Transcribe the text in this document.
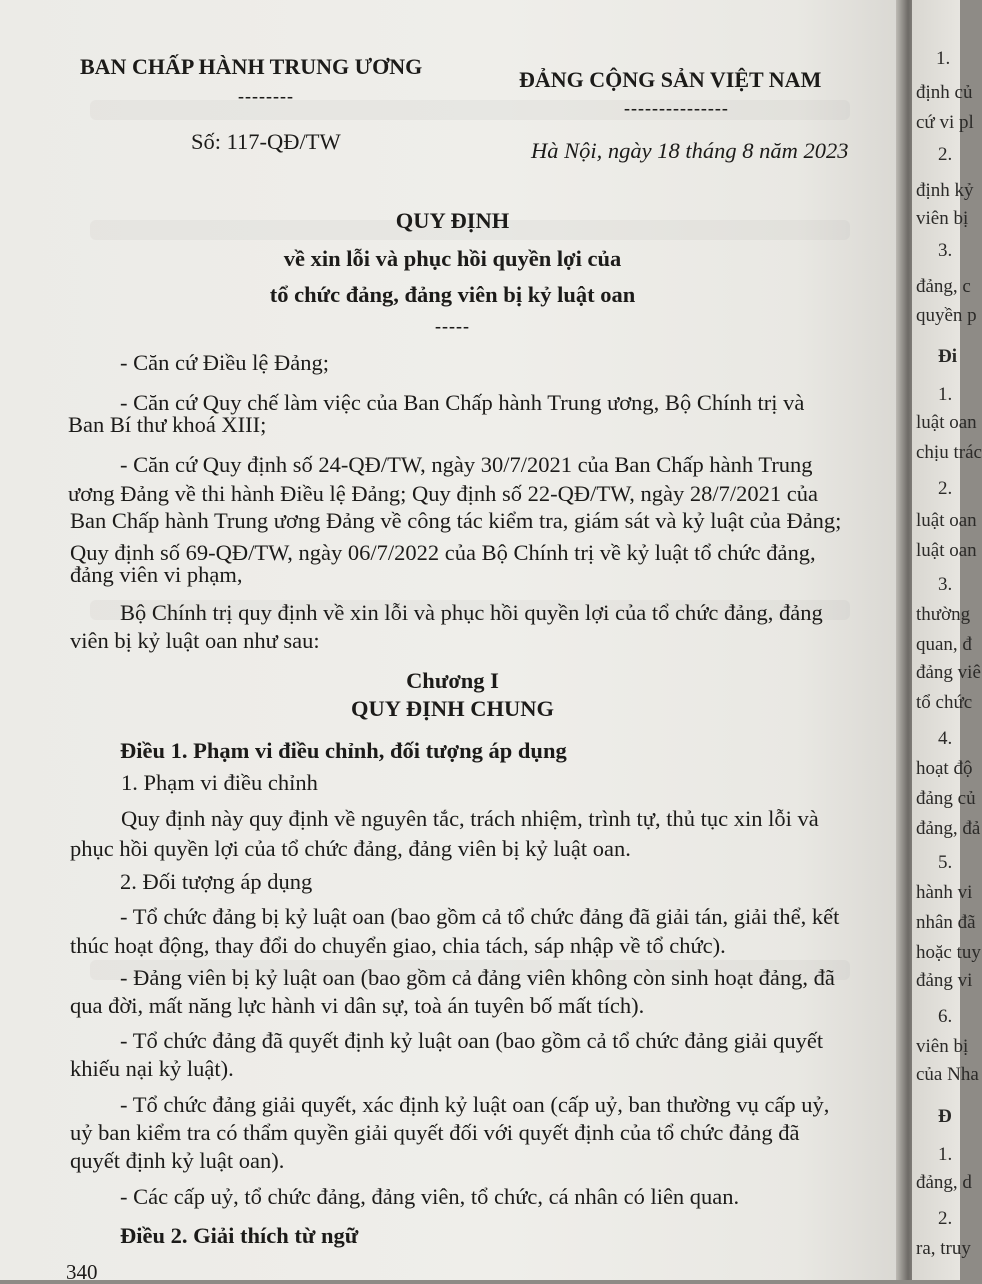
BAN CHẤP HÀNH TRUNG ƯƠNG
--------
ĐẢNG CỘNG SẢN VIỆT NAM
---------------
Số: 117-QĐ/TW	Hà Nội, ngày 18 tháng 8 năm 2023
QUY ĐỊNH
về xin lỗi và phục hồi quyền lợi của
tổ chức đảng, đảng viên bị kỷ luật oan
-----
- Căn cứ Điều lệ Đảng;
- Căn cứ Quy chế làm việc của Ban Chấp hành Trung ương, Bộ Chính trị và
Ban Bí thư khoá XIII;
- Căn cứ Quy định số 24-QĐ/TW, ngày 30/7/2021 của Ban Chấp hành Trung
ương Đảng về thi hành Điều lệ Đảng; Quy định số 22-QĐ/TW, ngày 28/7/2021 của
Ban Chấp hành Trung ương Đảng về công tác kiểm tra, giám sát và kỷ luật của Đảng;
Quy định số 69-QĐ/TW, ngày 06/7/2022 của Bộ Chính trị về kỷ luật tổ chức đảng,
đảng viên vi phạm,
Bộ Chính trị quy định về xin lỗi và phục hồi quyền lợi của tổ chức đảng, đảng
viên bị kỷ luật oan như sau:
Chương I
QUY ĐỊNH CHUNG
Điều 1. Phạm vi điều chỉnh, đối tượng áp dụng
1. Phạm vi điều chỉnh
Quy định này quy định về nguyên tắc, trách nhiệm, trình tự, thủ tục xin lỗi và
phục hồi quyền lợi của tổ chức đảng, đảng viên bị kỷ luật oan.
2. Đối tượng áp dụng
- Tổ chức đảng bị kỷ luật oan (bao gồm cả tổ chức đảng đã giải tán, giải thể, kết
thúc hoạt động, thay đổi do chuyển giao, chia tách, sáp nhập về tổ chức).
- Đảng viên bị kỷ luật oan (bao gồm cả đảng viên không còn sinh hoạt đảng, đã
qua đời, mất năng lực hành vi dân sự, toà án tuyên bố mất tích).
- Tổ chức đảng đã quyết định kỷ luật oan (bao gồm cả tổ chức đảng giải quyết
khiếu nại kỷ luật).
- Tổ chức đảng giải quyết, xác định kỷ luật oan (cấp uỷ, ban thường vụ cấp uỷ,
uỷ ban kiểm tra có thẩm quyền giải quyết đối với quyết định của tổ chức đảng đã
quyết định kỷ luật oan).
- Các cấp uỷ, tổ chức đảng, đảng viên, tổ chức, cá nhân có liên quan.
Điều 2. Giải thích từ ngữ
340
1.
định củ
cứ vi pl
2.
định kỷ
viên bị
3.
đảng, c
quyền p
Đi
1.
luật oan
chịu trác
2.
luật oan
luật oan
3.
thường
quan, đ
đảng viê
tổ chức
4.
hoạt độ
đảng củ
đảng, đả
5.
hành vi
nhân đã
hoặc tuy
đảng vi
6.
viên bị
của Nha
Đ
1.
đảng, d
2.
ra, truy
